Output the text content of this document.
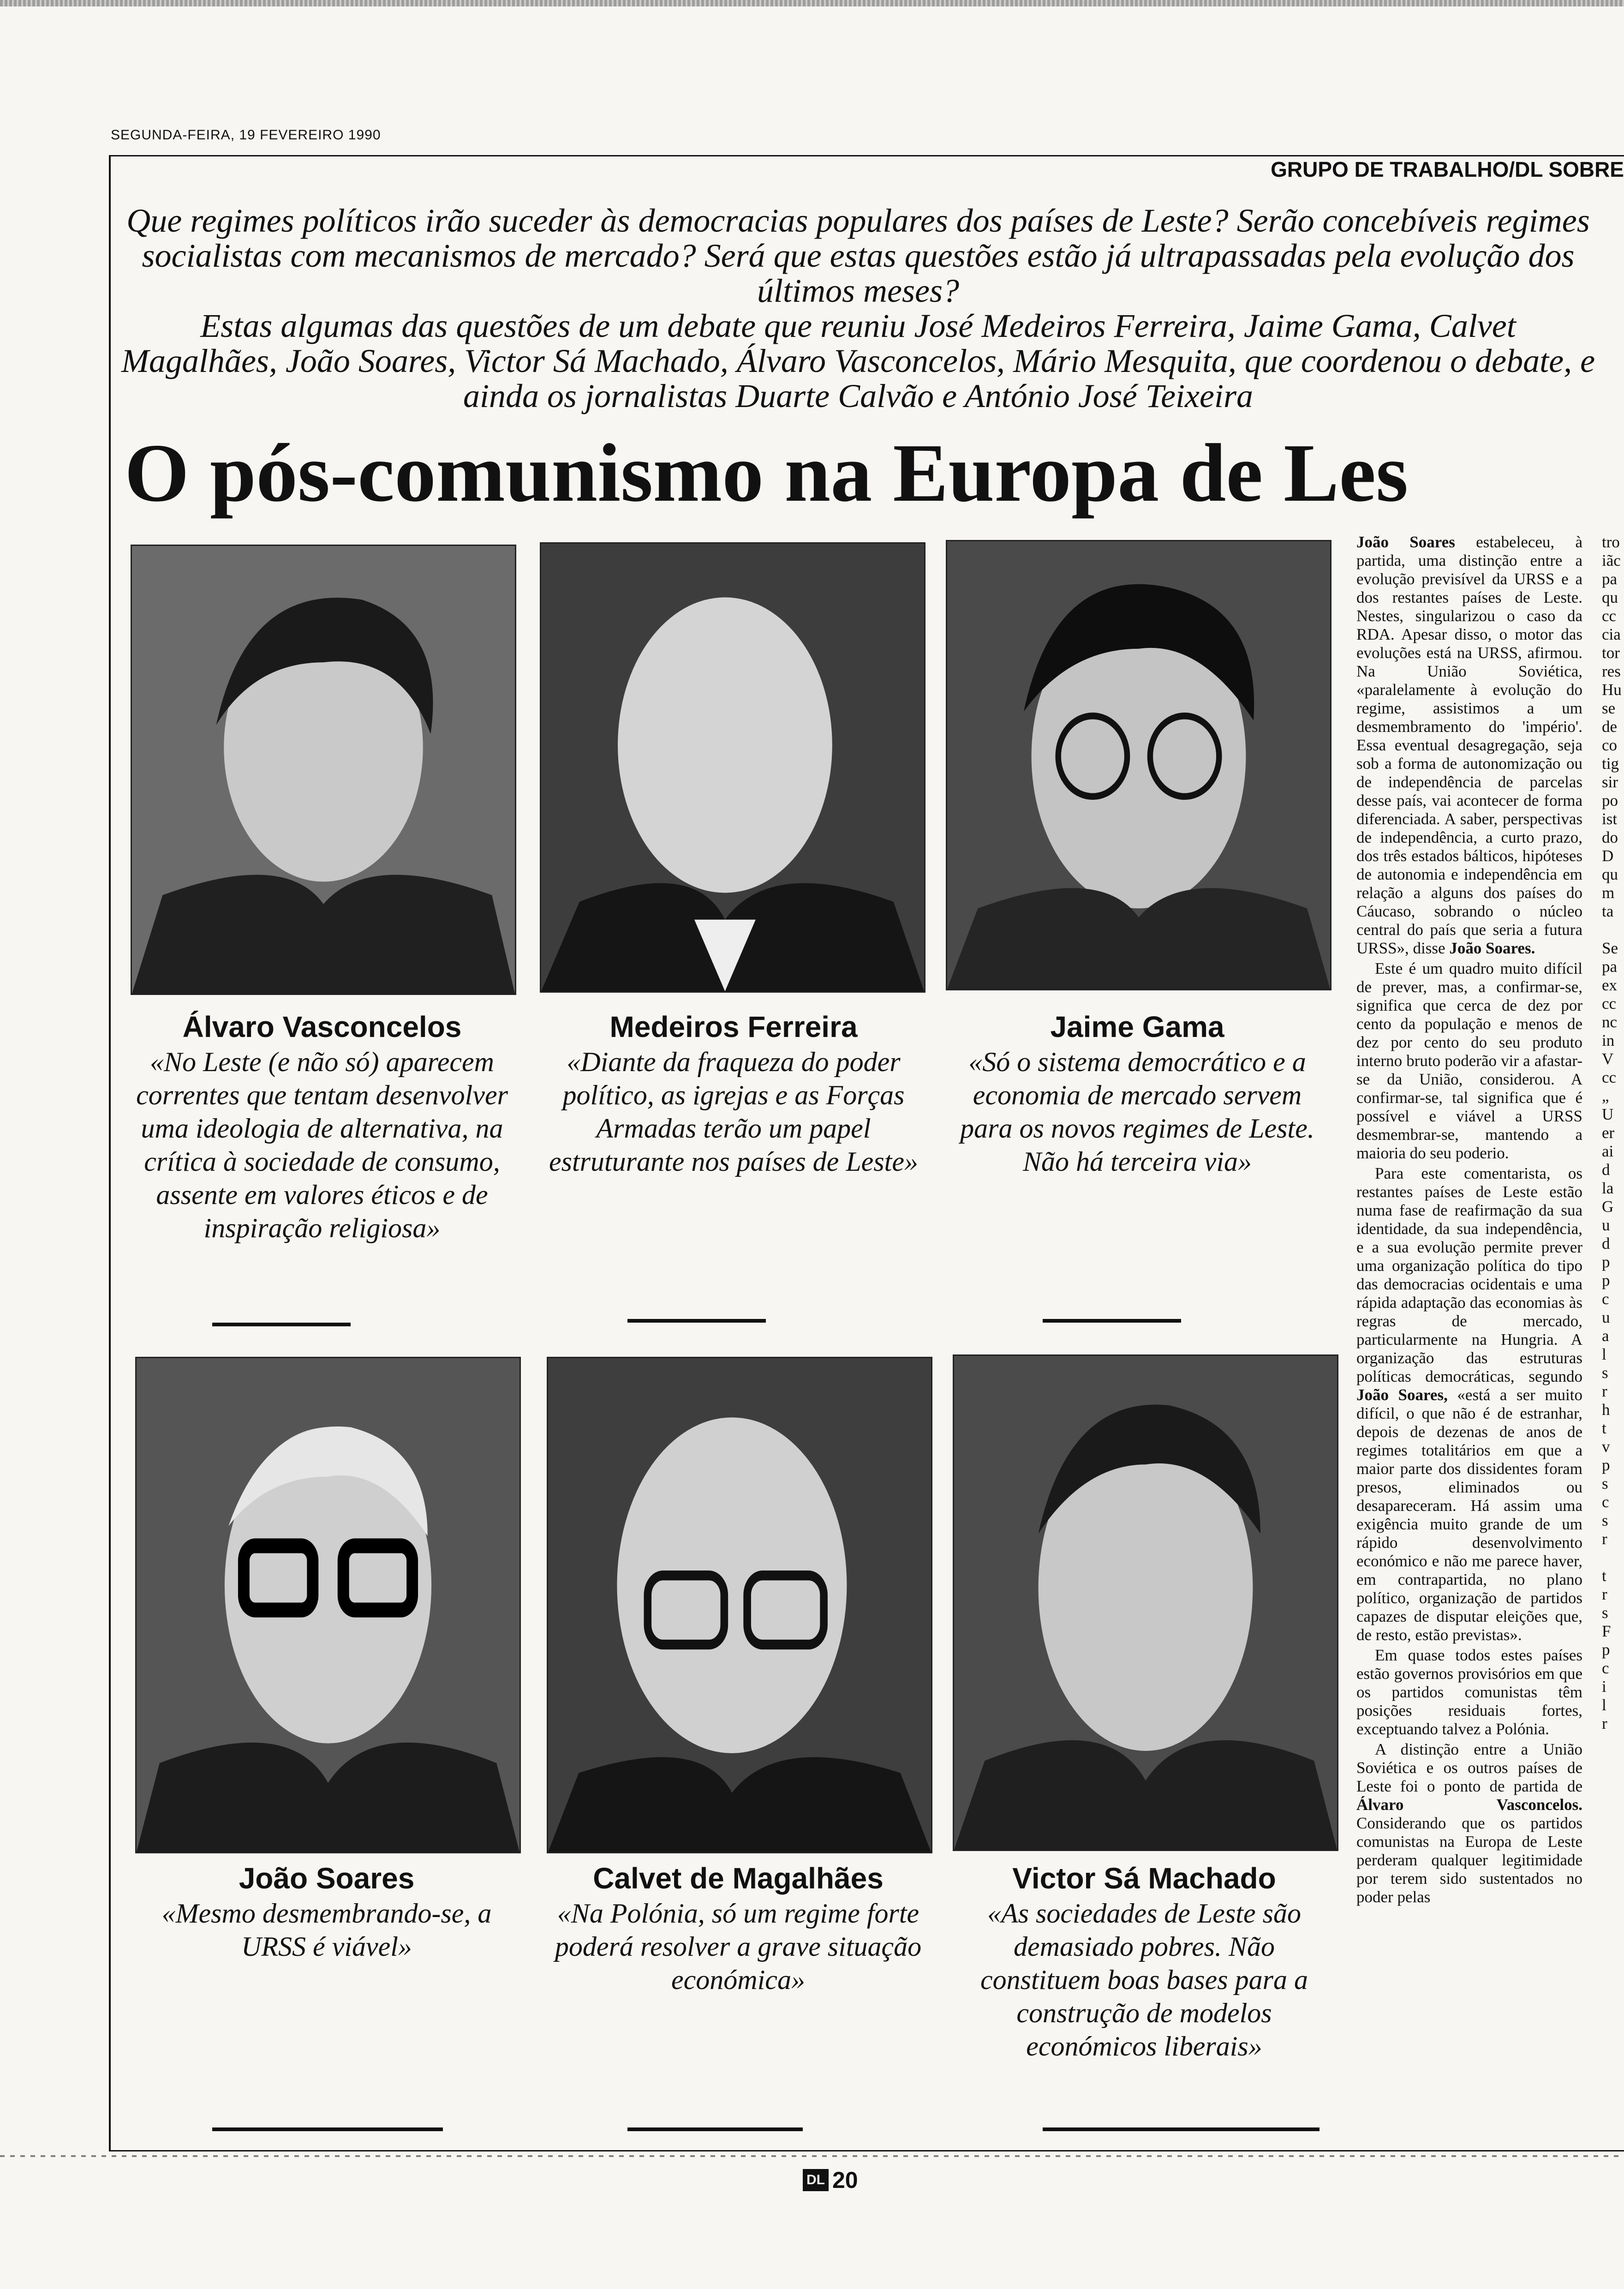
SEGUNDA-FEIRA, 19 FEVEREIRO 1990
GRUPO DE TRABALHO/DL SOBRE

Que regimes políticos irão suceder às democracias populares dos países de Leste? Serão concebíveis regimes socialistas com mecanismos de mercado? Será que estas questões estão já ultrapassadas pela evolução dos últimos meses?

Estas algumas das questões de um debate que reuniu José Medeiros Ferreira, Jaime Gama, Calvet Magalhães, João Soares, Victor Sá Machado, Álvaro Vasconcelos, Mário Mesquita, que coordenou o debate, e ainda os jornalistas Duarte Calvão e António José Teixeira

O pós-comunismo na Europa de Les
Álvaro Vasconcelos
«No Leste (e não só) aparecem correntes que tentam desenvolver uma ideologia de alternativa, na crítica à sociedade de consumo, assente em valores éticos e de inspiração religiosa»
Medeiros Ferreira
«Diante da fraqueza do poder político, as igrejas e as Forças Armadas terão um papel estruturante nos países de Leste»
Jaime Gama
«Só o sistema democrático e a economia de mercado servem para os novos regimes de Leste. Não há terceira via»
João Soares
«Mesmo desmembrando-se, a URSS é viável»
Calvet de Magalhães
«Na Polónia, só um regime forte poderá resolver a grave situação económica»
Victor Sá Machado
«As sociedades de Leste são demasiado pobres. Não constituem boas bases para a construção de modelos económicos liberais»

João Soares estabeleceu, à partida, uma distinção entre a evolução previsível da URSS e a dos restantes países de Leste. Nestes, singularizou o caso da RDA. Apesar disso, o motor das evoluções está na URSS, afirmou. Na União Soviética, «paralelamente à evolução do regime, assistimos a um desmembramento do 'império'. Essa eventual desagregação, seja sob a forma de autonomização ou de independência de parcelas desse país, vai acontecer de forma diferenciada. A saber, perspectivas de independência, a curto prazo, dos três estados bálticos, hipóteses de autonomia e independência em relação a alguns dos países do Cáucaso, sobrando o núcleo central do país que seria a futura URSS», disse João Soares.

Este é um quadro muito difícil de prever, mas, a confirmar-se, significa que cerca de dez por cento da população e menos de dez por cento do seu produto interno bruto poderão vir a afastar-se da União, considerou. A confirmar-se, tal significa que é possível e viável a URSS desmembrar-se, mantendo a maioria do seu poderio.

Para este comentarista, os restantes países de Leste estão numa fase de reafirmação da sua identidade, da sua independência, e a sua evolução permite prever uma organização política do tipo das democracias ocidentais e uma rápida adaptação das economias às regras de mercado, particularmente na Hungria. A organização das estruturas políticas democráticas, segundo João Soares, «está a ser muito difícil, o que não é de estranhar, depois de dezenas de anos de regimes totalitários em que a maior parte dos dissidentes foram presos, eliminados ou desapareceram. Há assim uma exigência muito grande de um rápido desenvolvimento económico e não me parece haver, em contrapartida, no plano político, organização de partidos capazes de disputar eleições que, de resto, estão previstas».

Em quase todos estes países estão governos provisórios em que os partidos comunistas têm posições residuais fortes, exceptuando talvez a Polónia.

A distinção entre a União Soviética e os outros países de Leste foi o ponto de partida de Álvaro Vasconcelos. Considerando que os partidos comunistas na Europa de Leste perderam qualquer legitimidade por terem sido sustentados no poder pelas

tro
iãc
pa
qu
cc
cia
tor
res
Hu
se
de
co
tig
sir
po
ist
do
D
qu
m
ta
Se
pa
ex
cc
nc
in
V
cc
„
U
er
ai
d
la
G
u
d
p
p
c
u
a
l
s
r
h
t
v
p
s
c
s
r
t
r
s
F
p
c
i
l
r
DL 20
